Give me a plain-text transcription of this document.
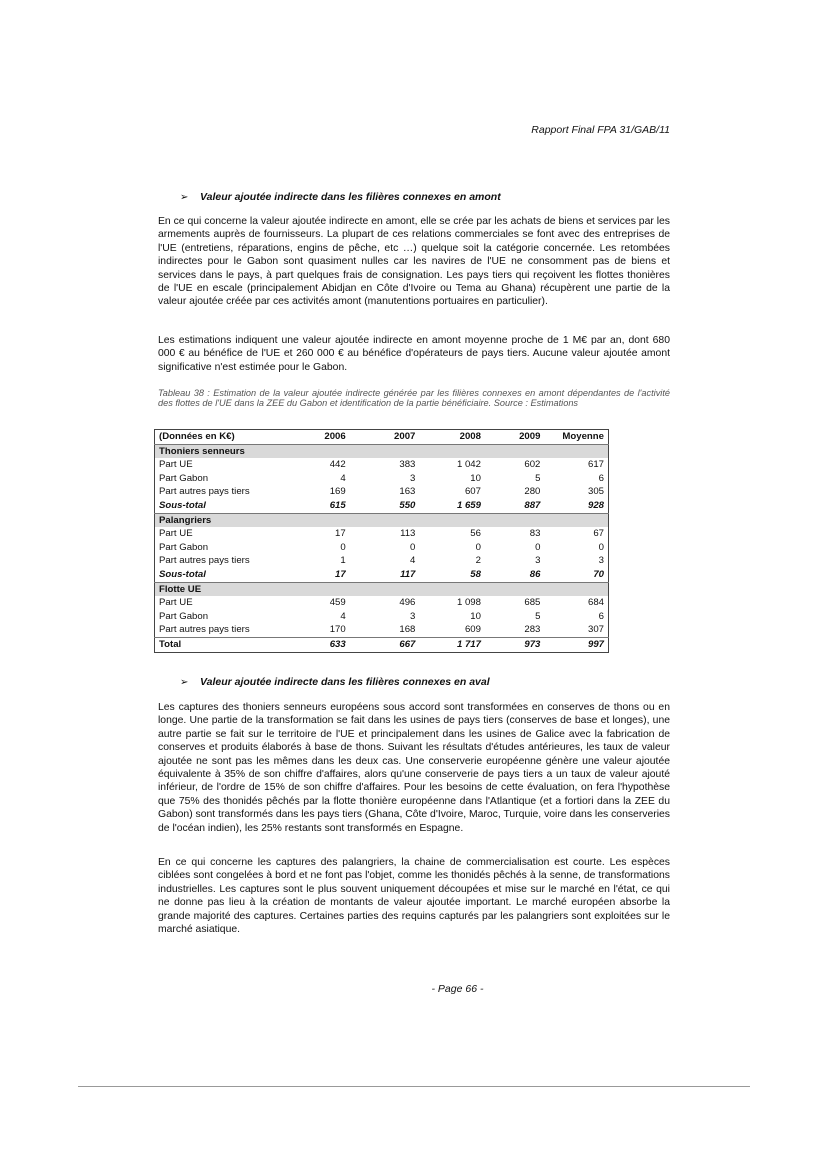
Rapport Final FPA 31/GAB/11
➢	Valeur ajoutée indirecte dans les filières connexes en amont

En ce qui concerne la valeur ajoutée indirecte en amont, elle se crée par les achats de biens et services par les armements auprès de fournisseurs. La plupart de ces relations commerciales se font avec des entreprises de l'UE (entretiens, réparations, engins de pêche, etc …) quelque soit la catégorie concernée. Les retombées indirectes pour le Gabon sont quasiment nulles car les navires de l'UE ne consomment pas de biens et services dans le pays, à part quelques frais de consignation. Les pays tiers qui reçoivent les flottes thonières de l'UE en escale (principalement Abidjan en Côte d'Ivoire ou Tema au Ghana) récupèrent une partie de la valeur ajoutée créée par ces activités amont (manutentions portuaires en particulier).

Les estimations indiquent une valeur ajoutée indirecte en amont moyenne proche de 1 M€ par an, dont 680 000 € au bénéfice de l'UE et 260 000 € au bénéfice d'opérateurs de pays tiers. Aucune valeur ajoutée amont significative n'est estimée pour le Gabon.

Tableau 38 : Estimation de la valeur ajoutée indirecte générée par les filières connexes en amont dépendantes de l'activité des flottes de l'UE dans la ZEE du Gabon et identification de la partie bénéficiaire. Source : Estimations

(Données en K€)	2006	2007	2008	2009	Moyenne
Thoniers senneurs					
Part UE	442	383	1 042	602	617
Part Gabon	4	3	10	5	6
Part autres pays tiers	169	163	607	280	305
Sous-total	615	550	1 659	887	928
Palangriers					
Part UE	17	113	56	83	67
Part Gabon	0	0	0	0	0
Part autres pays tiers	1	4	2	3	3
Sous-total	17	117	58	86	70
Flotte UE					
Part UE	459	496	1 098	685	684
Part Gabon	4	3	10	5	6
Part autres pays tiers	170	168	609	283	307
Total	633	667	1 717	973	997
➢	Valeur ajoutée indirecte dans les filières connexes en aval

Les captures des thoniers senneurs européens sous accord sont transformées en conserves de thons ou en longe. Une partie de la transformation se fait dans les usines de pays tiers (conserves de base et longes), une autre partie se fait sur le territoire de l'UE et principalement dans les usines de Galice avec la fabrication de conserves et produits élaborés à base de thons. Suivant les résultats d'études antérieures, les taux de valeur ajoutée ne sont pas les mêmes dans les deux cas. Une conserverie européenne génère une valeur ajoutée équivalente à 35% de son chiffre d'affaires, alors qu'une conserverie de pays tiers a un taux de valeur ajouté inférieur, de l'ordre de 15% de son chiffre d'affaires. Pour les besoins de cette évaluation, on fera l'hypothèse que 75% des thonidés pêchés par la flotte thonière européenne dans l'Atlantique (et a fortiori dans la ZEE du Gabon) sont transformés dans les pays tiers (Ghana, Côte d'Ivoire, Maroc, Turquie, voire dans les conserveries de l'océan indien), les 25% restants sont transformés en Espagne.

En ce qui concerne les captures des palangriers, la chaine de commercialisation est courte. Les espèces ciblées sont congelées à bord et ne font pas l'objet, comme les thonidés pêchés à la senne, de transformations industrielles. Les captures sont le plus souvent uniquement découpées et mise sur le marché en l'état, ce qui ne donne pas lieu à la création de montants de valeur ajoutée important. Le marché européen absorbe la grande majorité des captures. Certaines parties des requins capturés par les palangriers sont exploitées sur le marché asiatique.

- Page 66 -
